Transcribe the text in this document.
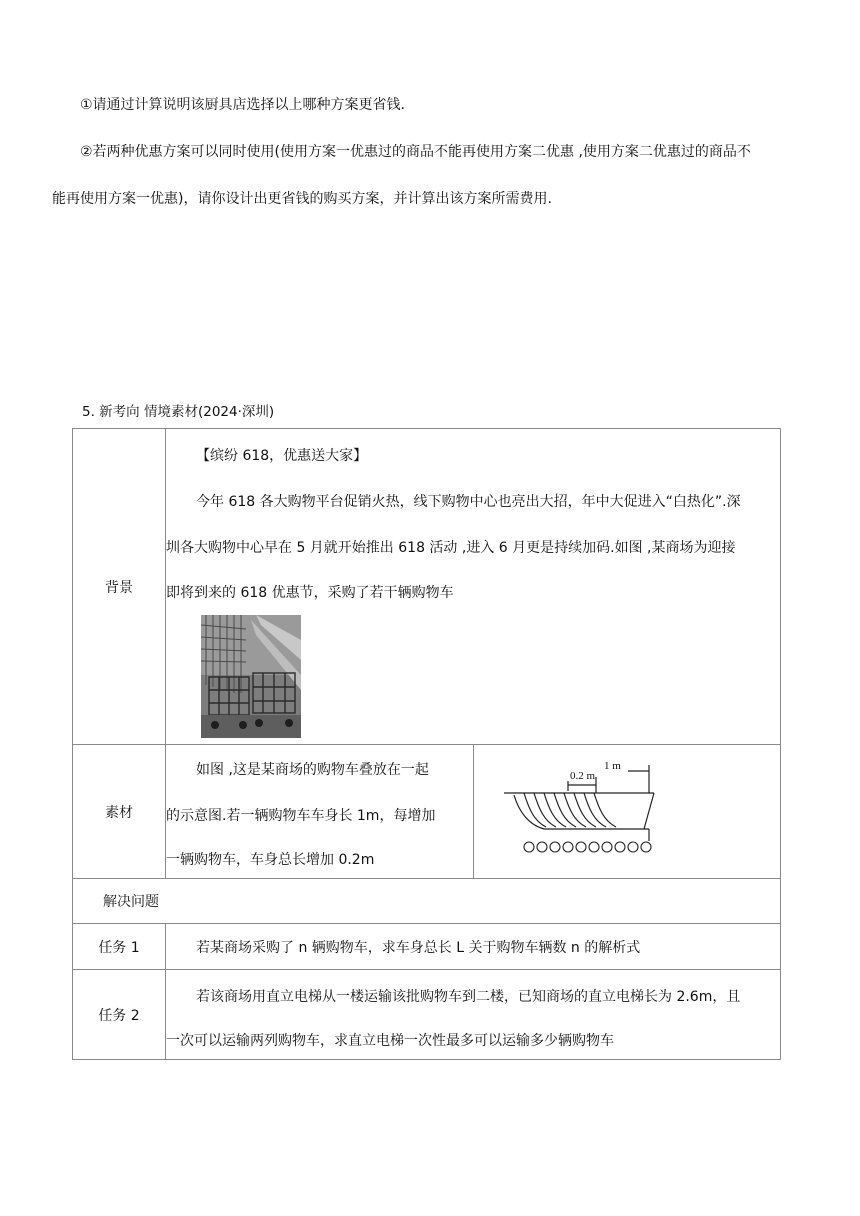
①请通过计算说明该厨具店选择以上哪种方案更省钱.
②若两种优惠方案可以同时使用(使用方案一优惠过的商品不能再使用方案二优惠 ,使用方案二优惠过的商品不
能再使用方案一优惠)，请你设计出更省钱的购买方案，并计算出该方案所需费用.
5. 新考向 情境素材(2024·深圳)
背景	【缤纷 618，优惠送大家】
今年 618 各大购物平台促销火热，线下购物中心也亮出大招，年中大促进入“白热化”.深
圳各大购物中心早在 5 月就开始推出 618 活动 ,进入 6 月更是持续加码.如图 ,某商场为迎接
即将到来的 618 优惠节，采购了若干辆购物车	

素材	如图 ,这是某商场的购物车叠放在一起
的示意图.若一辆购物车车身长 1m，每增加
一辆购物车，车身总长增加 0.2m	0.2 m
1 m

解决问题		
任务 1	若某商场采购了 n 辆购物车，求车身总长 L 关于购物车辆数 n 的解析式	

任务 2	若该商场用直立电梯从一楼运输该批购物车到二楼，已知商场的直立电梯长为 2.6m，且
一次可以运输两列购物车，求直立电梯一次性最多可以运输多少辆购物车	
